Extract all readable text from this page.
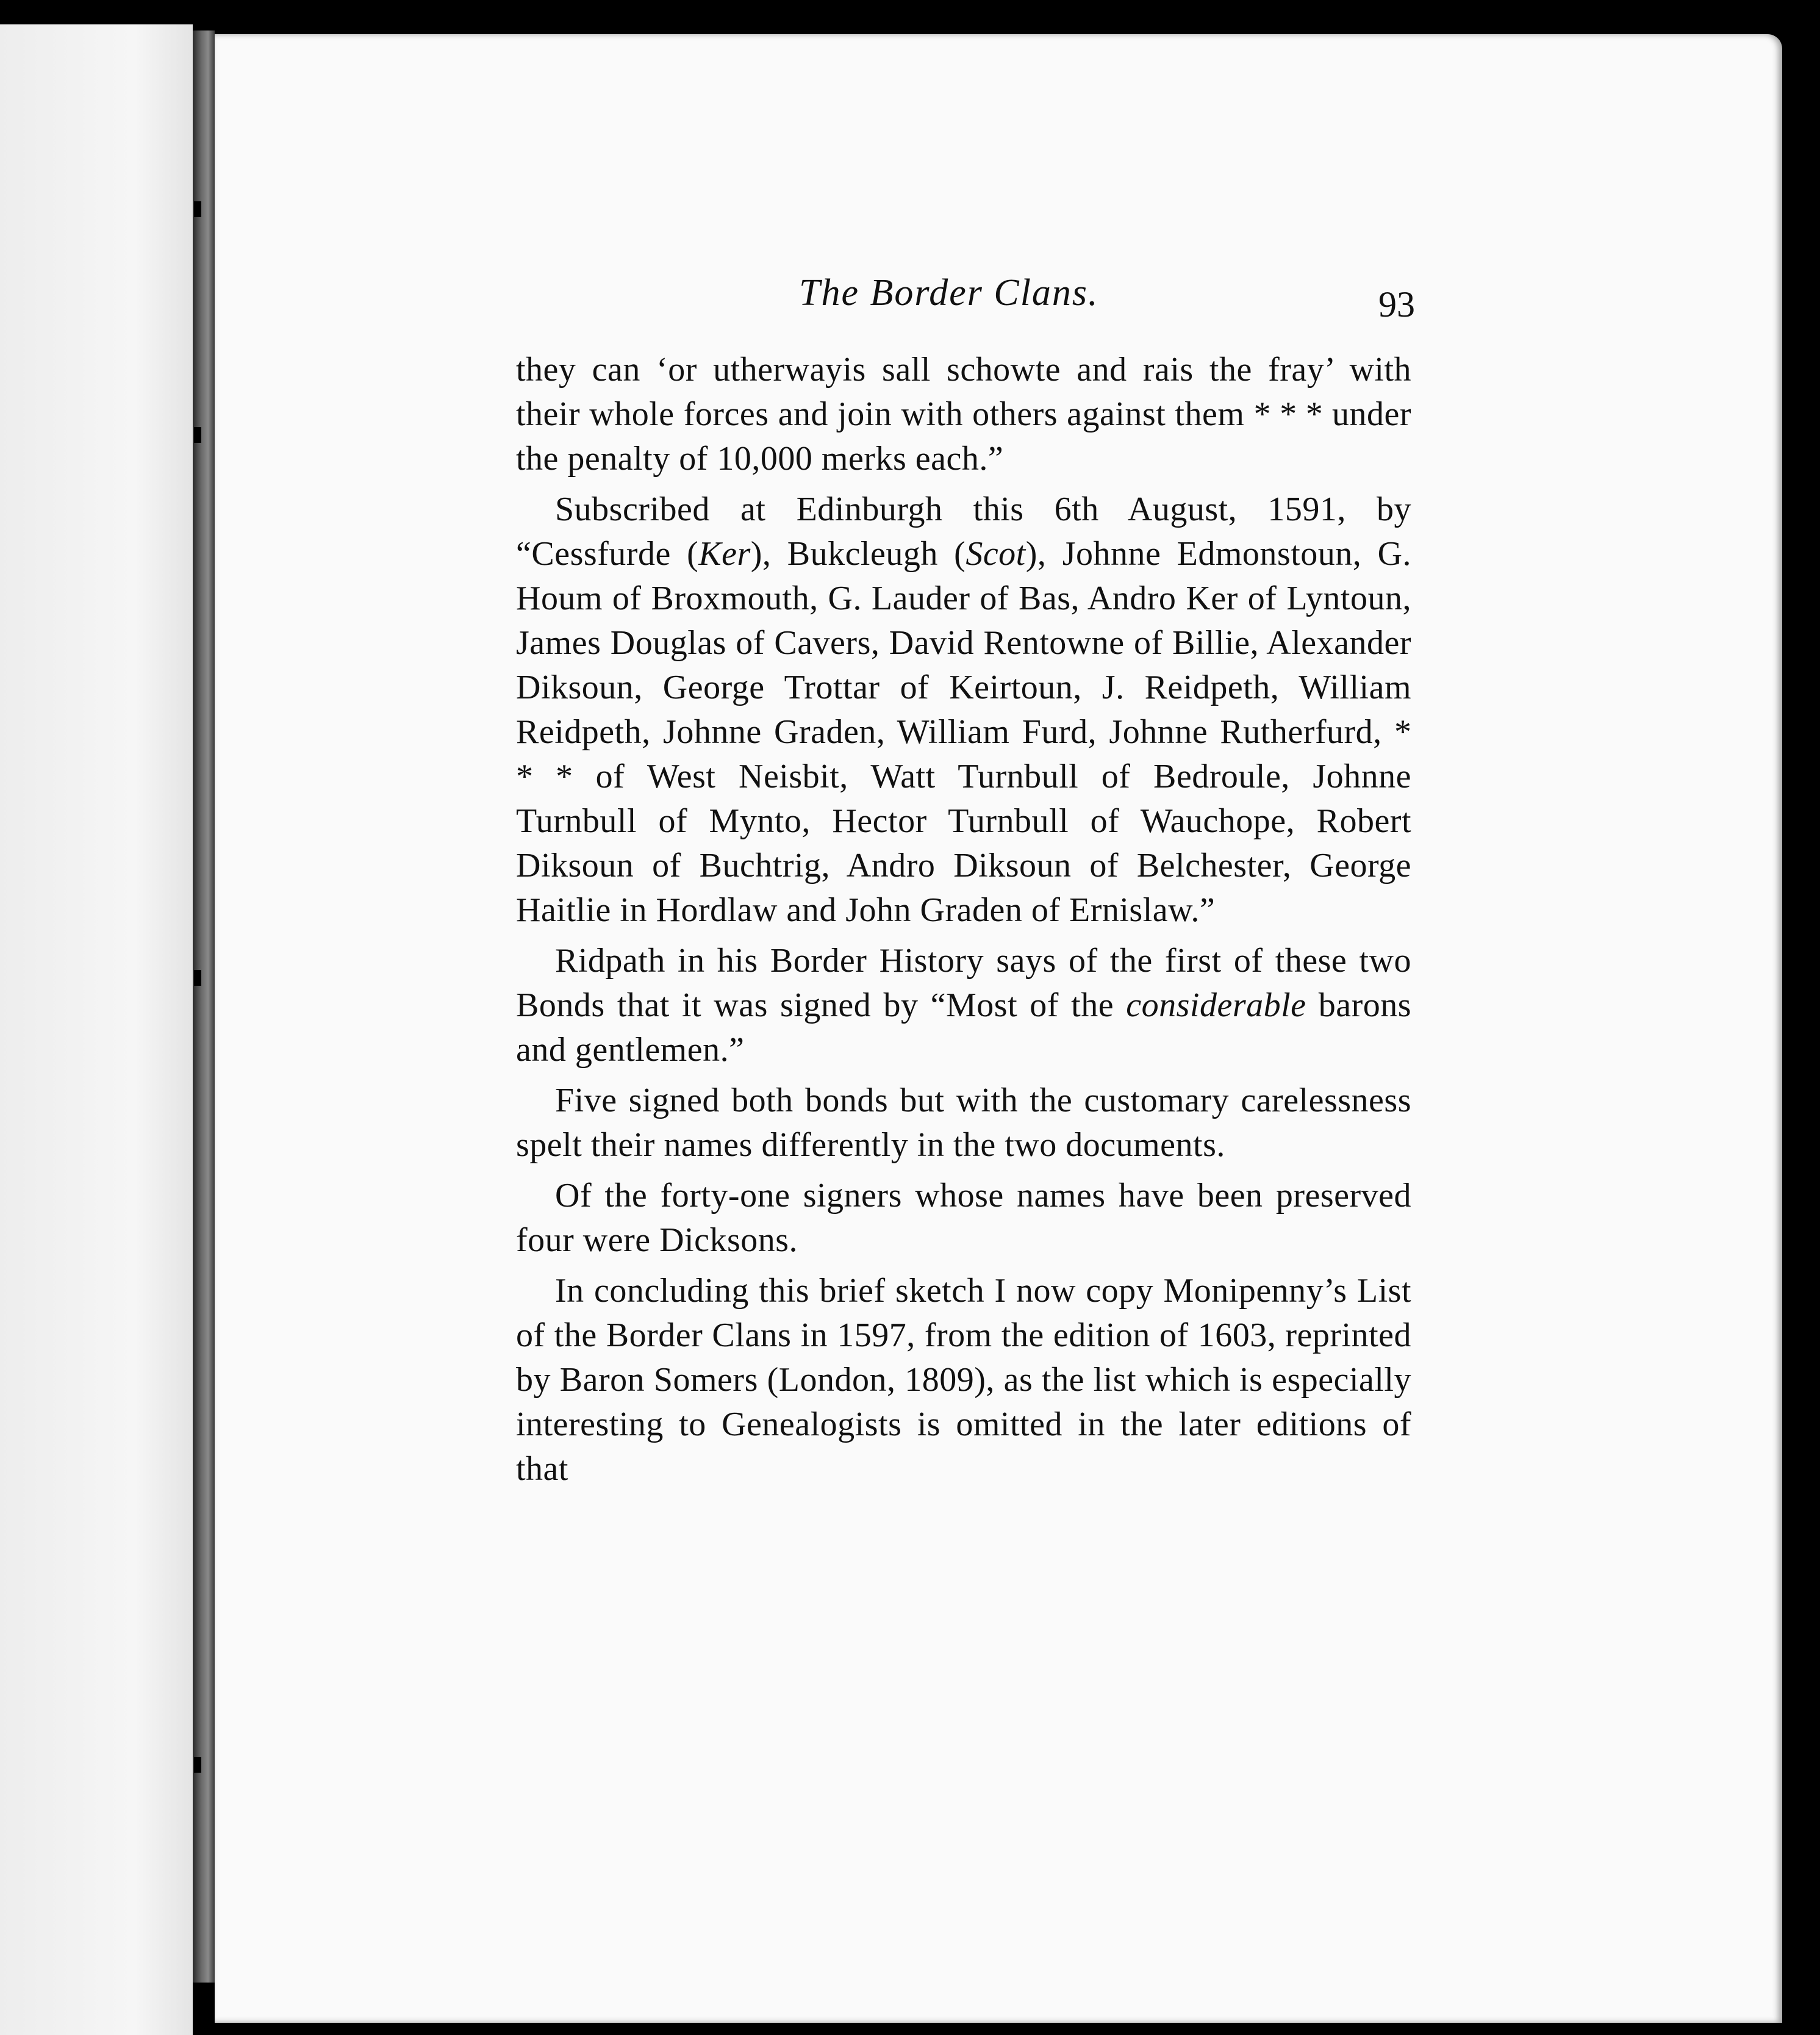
The Border Clans.	93

they can ‘or utherwayis sall schowte and rais the fray’ with their whole forces and join with others against them * * * under the penalty of 10,000 merks each.”

Subscribed at Edinburgh this 6th August, 1591, by “Cessfurde (Ker), Bukcleugh (Scot), Johnne Edmonstoun, G. Houm of Broxmouth, G. Lauder of Bas, Andro Ker of Lyntoun, James Douglas of Cavers, David Rentowne of Billie, Alexander Diksoun, George Trottar of Keirtoun, J. Reidpeth, William Reidpeth, Johnne Graden, William Furd, Johnne Rutherfurd, * * * of West Neisbit, Watt Turnbull of Bedroule, Johnne Turnbull of Mynto, Hector Turnbull of Wauchope, Robert Diksoun of Buchtrig, Andro Diksoun of Belchester, George Haitlie in Hordlaw and John Graden of Ernislaw.”

Ridpath in his Border History says of the first of these two Bonds that it was signed by “Most of the considerable barons and gentlemen.”

Five signed both bonds but with the customary carelessness spelt their names differently in the two documents.

Of the forty-one signers whose names have been preserved four were Dicksons.

In concluding this brief sketch I now copy Monipenny’s List of the Border Clans in 1597, from the edition of 1603, reprinted by Baron Somers (London, 1809), as the list which is especially interesting to Genealogists is omitted in the later editions of that
